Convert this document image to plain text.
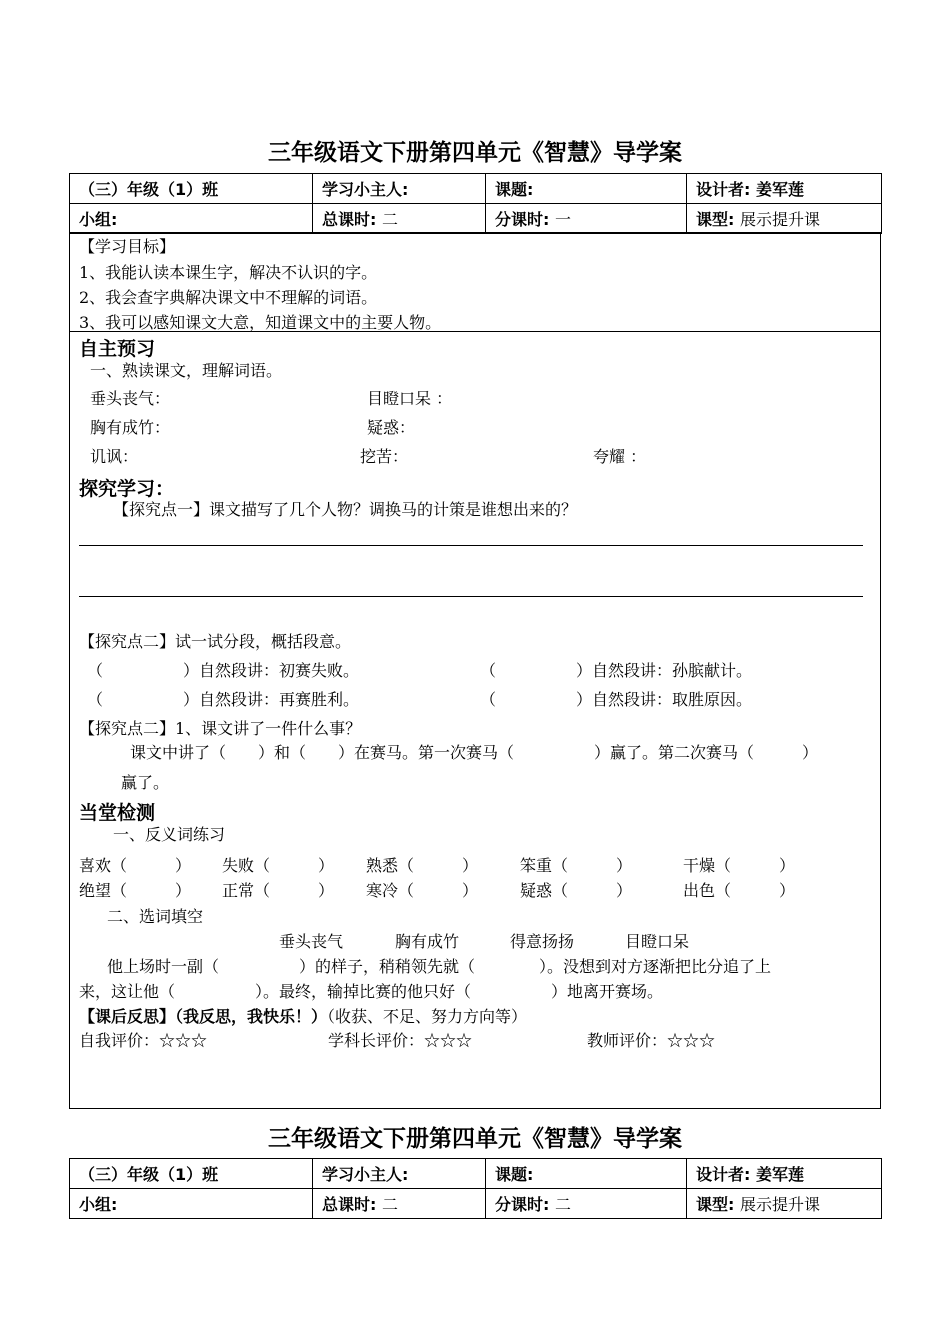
三年级语文下册第四单元《智慧》导学案
（三）年级（1）班	学习小主人:	课题:	设计者: 姜军莲
小组:	总课时: 二	分课时: 一	课型: 展示提升课
【学习目标】
1、我能认读本课生字，解决不认识的字。
2、我会查字典解决课文中不理解的词语。
3、我可以感知课文大意，知道课文中的主要人物。
自主预习
一、熟读课文，理解词语。
垂头丧气：	目瞪口呆 ：
胸有成竹：	疑惑：
讥讽：	挖苦：	夸耀 ：
探究学习：
【探究点一】课文描写了几个人物？调换马的计策是谁想出来的？
【探究点二】试一试分段，概括段意。
（　　　　　）自然段讲：初赛失败。	（　　　　　）自然段讲：孙膑献计。
（　　　　　）自然段讲：再赛胜利。	（　　　　　）自然段讲：取胜原因。
【探究点二】1、课文讲了一件什么事？
课文中讲了（　　）和（　　）在赛马。第一次赛马（　　　　　）赢了。第二次赛马（　　　）
赢了。
当堂检测
一、反义词练习
喜欢（　　　） 失败（　　　） 熟悉（　　　）	笨重（　　　）	干燥（　　　）
绝望（　　　） 正常（　　　） 寒冷（　　　）	疑惑（　　　）	出色（　　　）
二、选词填空
垂头丧气	胸有成竹	得意扬扬	目瞪口呆
他上场时一副（　　　　　）的样子，稍稍领先就（　　　　）。没想到对方逐渐把比分追了上
来，这让他（　　　　　）。最终，输掉比赛的他只好（　　　　　）地离开赛场。
【课后反思】（我反思，我快乐！）（收获、不足、努力方向等）
自我评价：☆☆☆	学科长评价：☆☆☆	教师评价：☆☆☆
三年级语文下册第四单元《智慧》导学案
（三）年级（1）班	学习小主人:	课题:	设计者: 姜军莲
小组:	总课时: 二	分课时: 二	课型: 展示提升课
